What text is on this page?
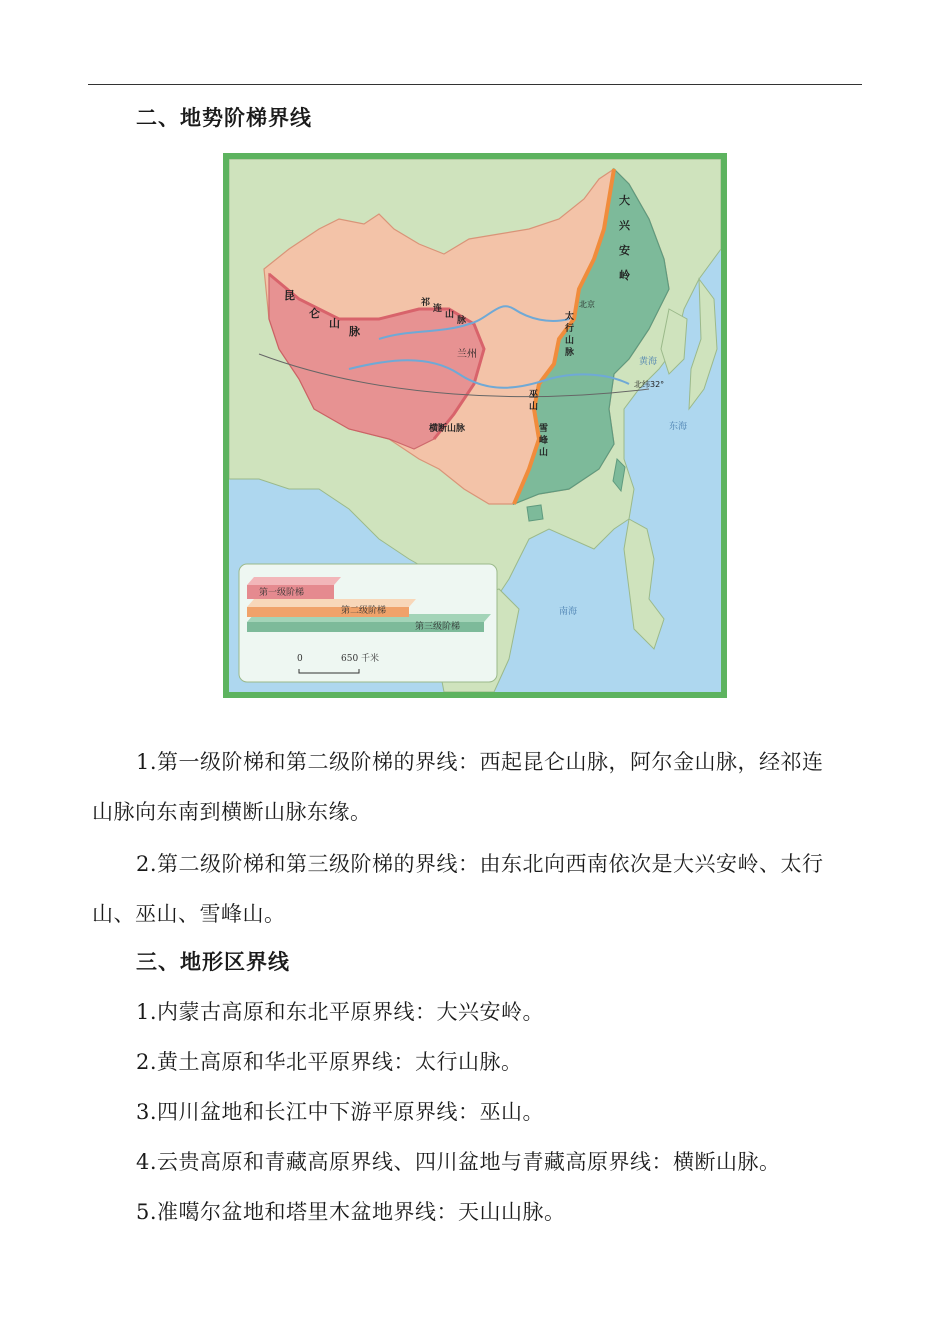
二、地势阶梯界线
昆
仑
山
脉
祁
连
山
脉
大
兴
安
岭
太
行
山
脉
巫
山
雪
峰
山
横断山脉
兰州
北京
北纬32°
黄海
东海
南海
第一级阶梯
第二级阶梯
第三级阶梯
0	650 千米

1.第一级阶梯和第二级阶梯的界线：西起昆仑山脉，阿尔金山脉，经祁连

山脉向东南到横断山脉东缘。

2.第二级阶梯和第三级阶梯的界线：由东北向西南依次是大兴安岭、太行

山、巫山、雪峰山。

三、地形区界线

1.内蒙古高原和东北平原界线：大兴安岭。

2.黄土高原和华北平原界线：太行山脉。

3.四川盆地和长江中下游平原界线：巫山。

4.云贵高原和青藏高原界线、四川盆地与青藏高原界线：横断山脉。

5.准噶尔盆地和塔里木盆地界线：天山山脉。
